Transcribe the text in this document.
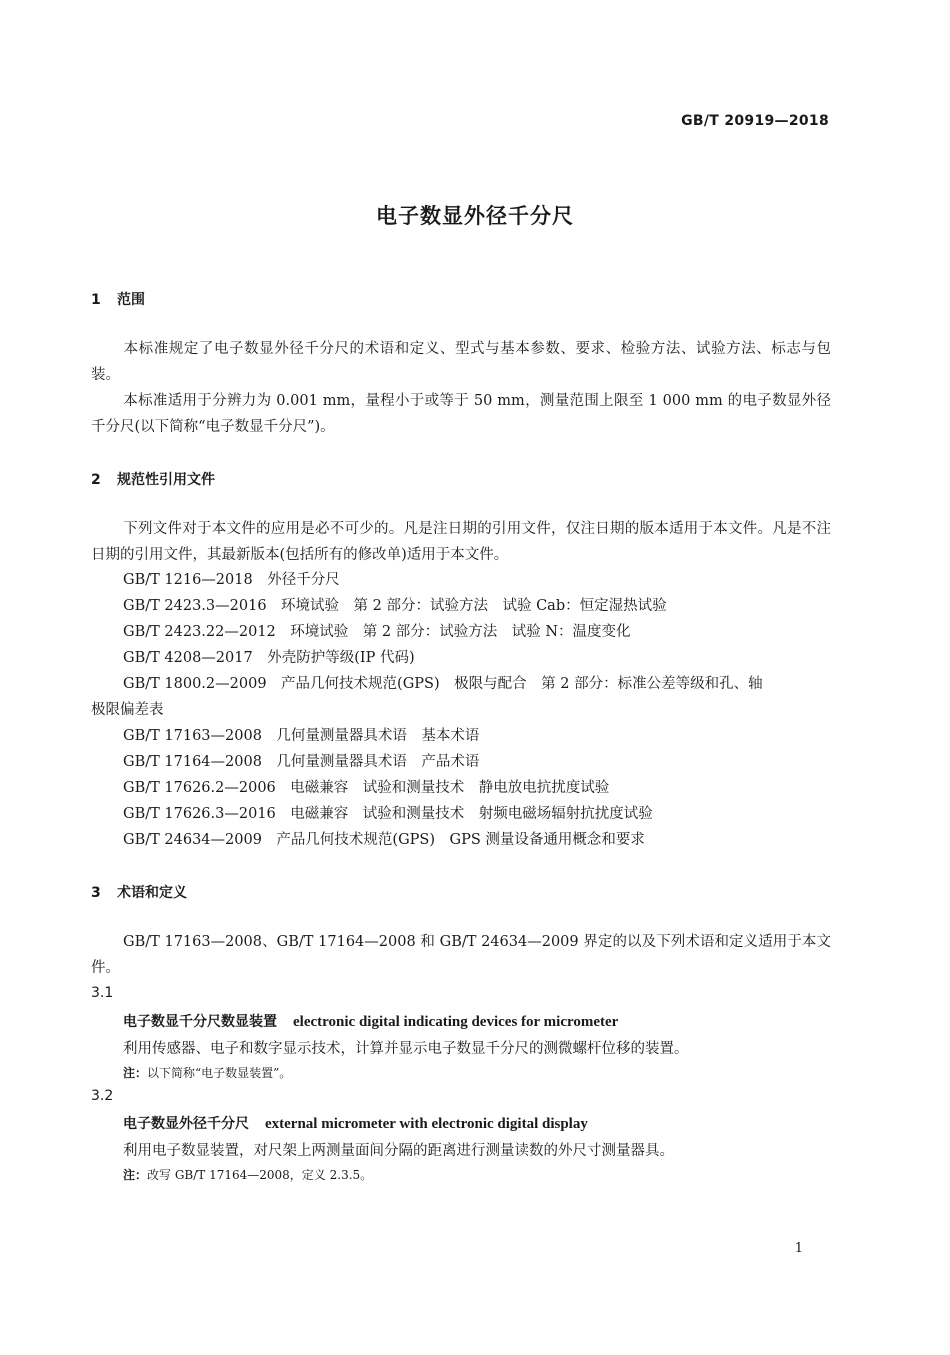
GB/T 20919—2018
电子数显外径千分尺
1 范围
本标准规定了电子数显外径千分尺的术语和定义、型式与基本参数、要求、检验方法、试验方法、标志与包装。
本标准适用于分辨力为 0.001 mm，量程小于或等于 50 mm，测量范围上限至 1 000 mm 的电子数显外径千分尺(以下简称“电子数显千分尺”)。
2 规范性引用文件
下列文件对于本文件的应用是必不可少的。凡是注日期的引用文件，仅注日期的版本适用于本文件。凡是不注日期的引用文件，其最新版本(包括所有的修改单)适用于本文件。
GB/T 1216—2018　外径千分尺
GB/T 2423.3—2016　环境试验　第 2 部分：试验方法　试验 Cab：恒定湿热试验
GB/T 2423.22—2012　环境试验　第 2 部分：试验方法　试验 N：温度变化
GB/T 4208—2017　外壳防护等级(IP 代码)
GB/T 1800.2—2009　产品几何技术规范(GPS)　极限与配合　第 2 部分：标准公差等级和孔、轴
极限偏差表
GB/T 17163—2008　几何量测量器具术语　基本术语
GB/T 17164—2008　几何量测量器具术语　产品术语
GB/T 17626.2—2006　电磁兼容　试验和测量技术　静电放电抗扰度试验
GB/T 17626.3—2016　电磁兼容　试验和测量技术　射频电磁场辐射抗扰度试验
GB/T 24634—2009　产品几何技术规范(GPS)　GPS 测量设备通用概念和要求
3 术语和定义
GB/T 17163—2008、GB/T 17164—2008 和 GB/T 24634—2009 界定的以及下列术语和定义适用于本文件。
3.1
电子数显千分尺数显装置 electronic digital indicating devices for micrometer
利用传感器、电子和数字显示技术，计算并显示电子数显千分尺的测微螺杆位移的装置。
注：以下简称“电子数显装置”。
3.2
电子数显外径千分尺 external micrometer with electronic digital display
利用电子数显装置，对尺架上两测量面间分隔的距离进行测量读数的外尺寸测量器具。
注：改写 GB/T 17164—2008，定义 2.3.5。
1
